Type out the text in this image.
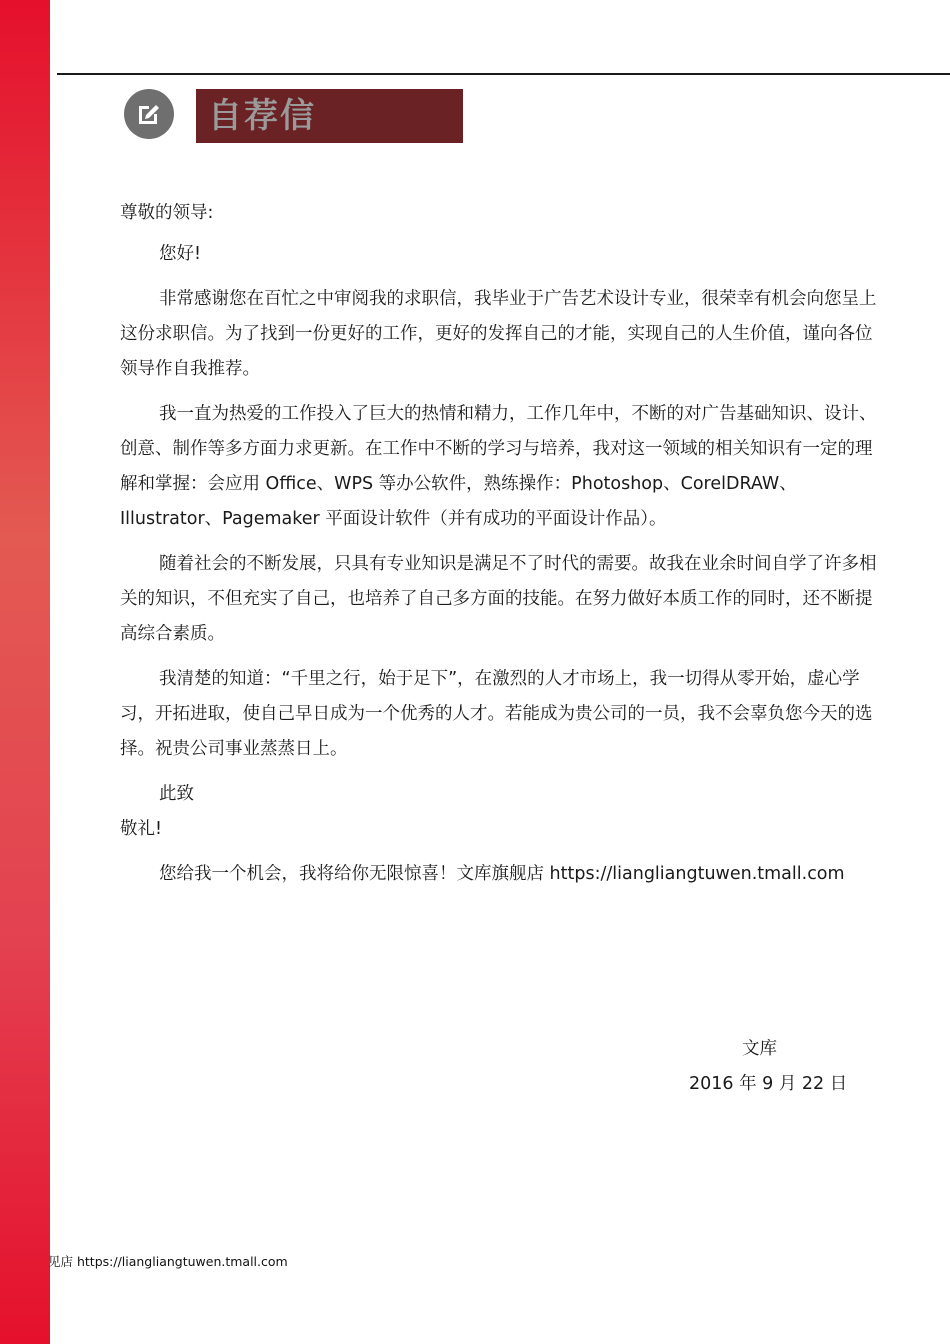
自荐信

尊敬的领导:

您好!

非常感谢您在百忙之中审阅我的求职信，我毕业于广告艺术设计专业，很荣幸有机会向您呈上这份求职信。为了找到一份更好的工作，更好的发挥自己的才能，实现自己的人生价值，谨向各位领导作自我推荐。

我一直为热爱的工作投入了巨大的热情和精力，工作几年中，不断的对广告基础知识、设计、创意、制作等多方面力求更新。在工作中不断的学习与培养，我对这一领域的相关知识有一定的理解和掌握：会应用 Office、WPS 等办公软件，熟练操作：Photoshop、CorelDRAW、Illustrator、Pagemaker 平面设计软件（并有成功的平面设计作品）。

随着社会的不断发展，只具有专业知识是满足不了时代的需要。故我在业余时间自学了许多相关的知识，不但充实了自己，也培养了自己多方面的技能。在努力做好本质工作的同时，还不断提高综合素质。

我清楚的知道：“千里之行，始于足下”，在激烈的人才市场上，我一切得从零开始，虚心学习，开拓进取，使自己早日成为一个优秀的人才。若能成为贵公司的一员，我不会辜负您今天的选择。祝贵公司事业蒸蒸日上。

此致

敬礼!

您给我一个机会，我将给你无限惊喜！文库旗舰店 https://liangliangtuwen.tmall.com

文库
2016 年 9 月 22 日
见店 https://liangliangtuwen.tmall.com
